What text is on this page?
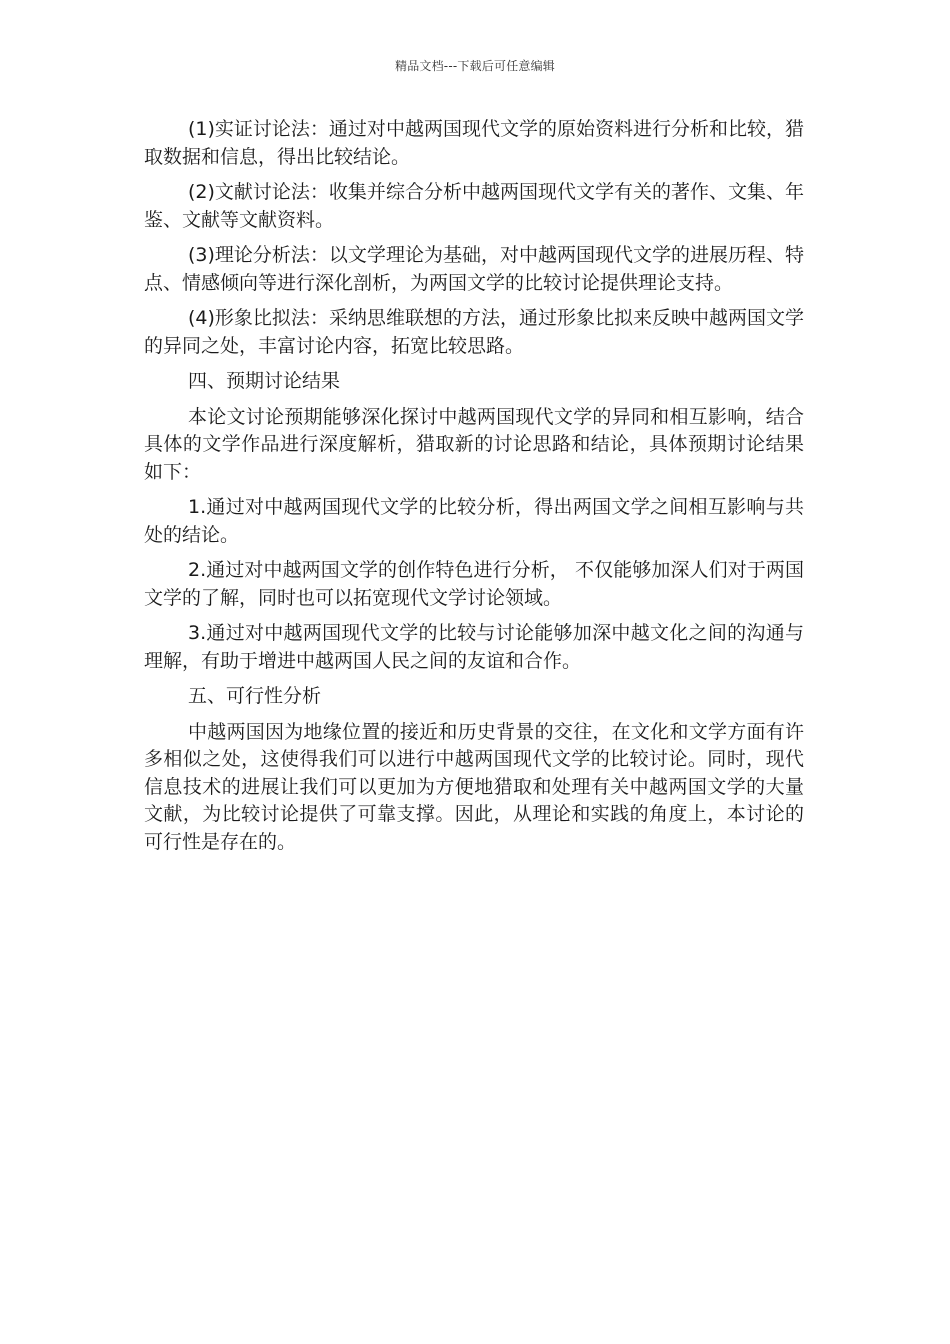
精品文档---下载后可任意编辑

(1)实证讨论法：通过对中越两国现代文学的原始资料进行分析和比较，猎取数据和信息，得出比较结论。

(2)文献讨论法：收集并综合分析中越两国现代文学有关的著作、文集、年鉴、文献等文献资料。

(3)理论分析法：以文学理论为基础，对中越两国现代文学的进展历程、特点、情感倾向等进行深化剖析，为两国文学的比较讨论提供理论支持。

(4)形象比拟法：采纳思维联想的方法，通过形象比拟来反映中越两国文学的异同之处，丰富讨论内容，拓宽比较思路。

四、预期讨论结果

本论文讨论预期能够深化探讨中越两国现代文学的异同和相互影响，结合具体的文学作品进行深度解析，猎取新的讨论思路和结论，具体预期讨论结果如下：

1.通过对中越两国现代文学的比较分析，得出两国文学之间相互影响与共处的结论。

2.通过对中越两国文学的创作特色进行分析， 不仅能够加深人们对于两国文学的了解，同时也可以拓宽现代文学讨论领域。

3.通过对中越两国现代文学的比较与讨论能够加深中越文化之间的沟通与理解，有助于增进中越两国人民之间的友谊和合作。

五、可行性分析

中越两国因为地缘位置的接近和历史背景的交往，在文化和文学方面有许多相似之处，这使得我们可以进行中越两国现代文学的比较讨论。同时，现代信息技术的进展让我们可以更加为方便地猎取和处理有关中越两国文学的大量文献，为比较讨论提供了可靠支撑。因此，从理论和实践的角度上，本讨论的可行性是存在的。
